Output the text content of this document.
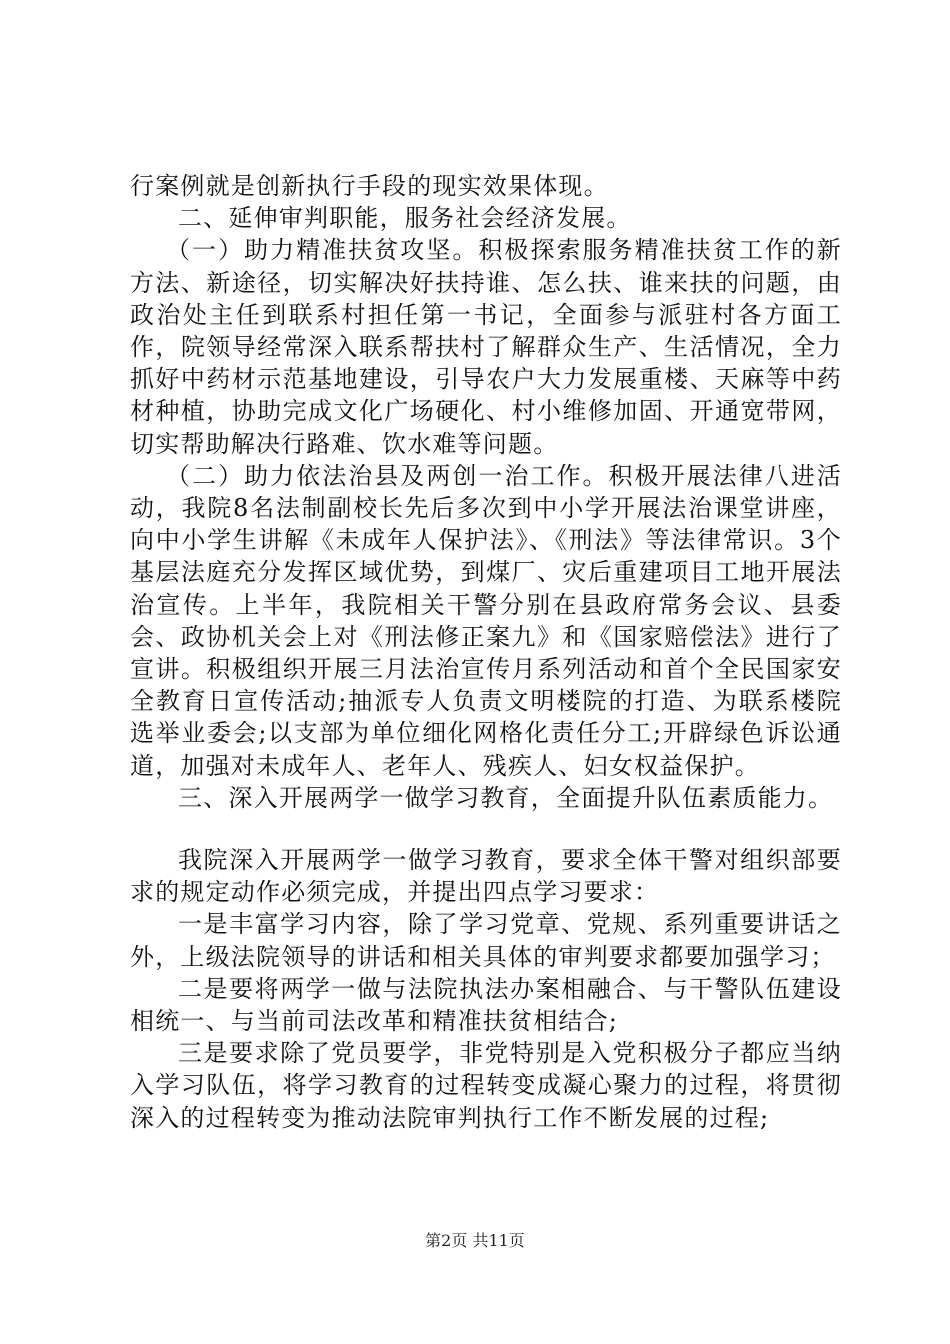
行案例就是创新执行手段的现实效果体现。

二、延伸审判职能，服务社会经济发展。

（一）助力精准扶贫攻坚。积极探索服务精准扶贫工作的新方法、新途径，切实解决好扶持谁、怎么扶、谁来扶的问题，由政治处主任到联系村担任第一书记，全面参与派驻村各方面工作，院领导经常深入联系帮扶村了解群众生产、生活情况，全力抓好中药材示范基地建设，引导农户大力发展重楼、天麻等中药材种植，协助完成文化广场硬化、村小维修加固、开通宽带网，切实帮助解决行路难、饮水难等问题。

（二）助力依法治县及两创一治工作。积极开展法律八进活动，我院8名法制副校长先后多次到中小学开展法治课堂讲座，向中小学生讲解《未成年人保护法》、《刑法》等法律常识。3个基层法庭充分发挥区域优势，到煤厂、灾后重建项目工地开展法治宣传。上半年，我院相关干警分别在县政府常务会议、县委会、政协机关会上对《刑法修正案九》和《国家赔偿法》进行了宣讲。积极组织开展三月法治宣传月系列活动和首个全民国家安全教育日宣传活动;抽派专人负责文明楼院的打造、为联系楼院选举业委会;以支部为单位细化网格化责任分工;开辟绿色诉讼通道，加强对未成年人、老年人、残疾人、妇女权益保护。

三、深入开展两学一做学习教育，全面提升队伍素质能力。

我院深入开展两学一做学习教育，要求全体干警对组织部要求的规定动作必须完成，并提出四点学习要求：

一是丰富学习内容，除了学习党章、党规、系列重要讲话之外，上级法院领导的讲话和相关具体的审判要求都要加强学习；

二是要将两学一做与法院执法办案相融合、与干警队伍建设相统一、与当前司法改革和精准扶贫相结合;

三是要求除了党员要学，非党特别是入党积极分子都应当纳入学习队伍，将学习教育的过程转变成凝心聚力的过程，将贯彻深入的过程转变为推动法院审判执行工作不断发展的过程;

第2页 共11页
